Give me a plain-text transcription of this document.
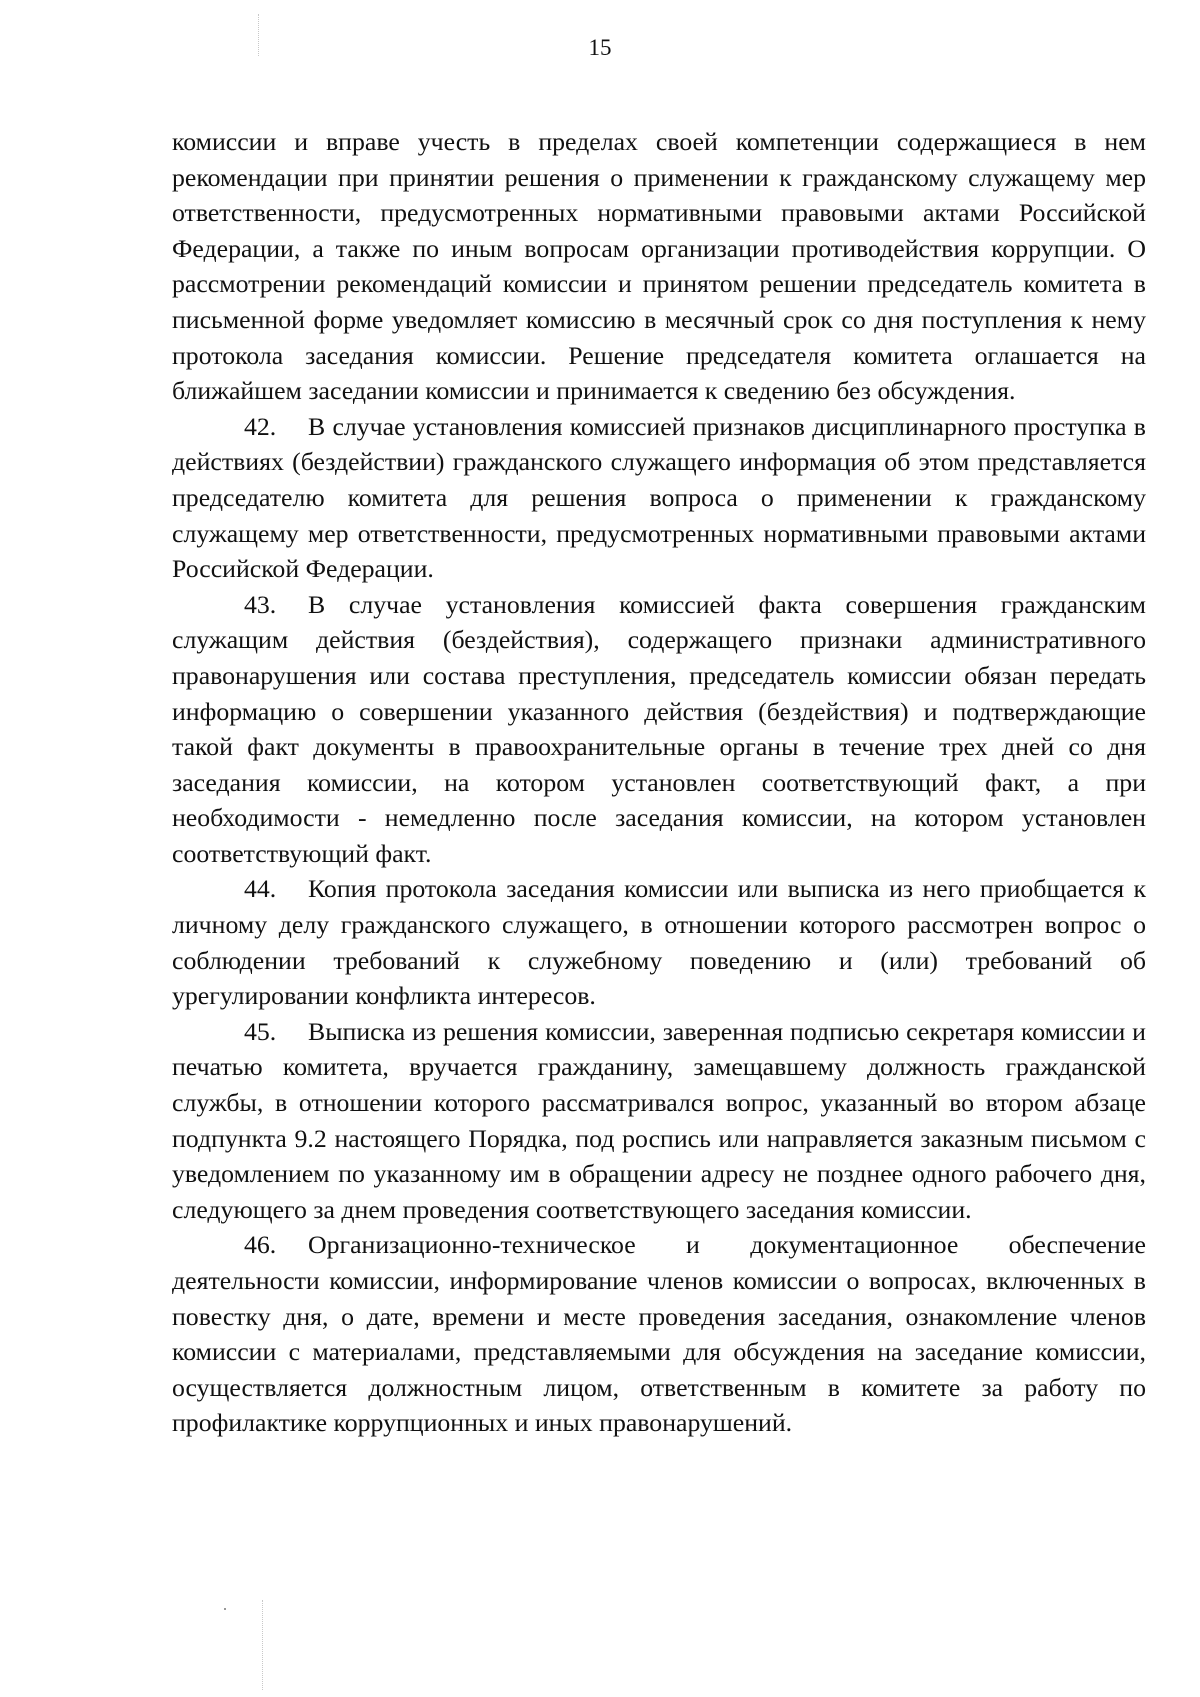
15

комиссии и вправе учесть в пределах своей компетенции содержащиеся в нем рекомендации при принятии решения о применении к гражданскому служащему мер ответственности, предусмотренных нормативными правовыми актами Российской Федерации, а также по иным вопросам организации противодействия коррупции. О рассмотрении рекомендаций комиссии и принятом решении председатель комитета в письменной форме уведомляет комиссию в месячный срок со дня поступления к нему протокола заседания комиссии. Решение председателя комитета оглашается на ближайшем заседании комиссии и принимается к сведению без обсуждения.

42. В случае установления комиссией признаков дисциплинарного проступка в действиях (бездействии) гражданского служащего информация об этом представляется председателю комитета для решения вопроса о применении к гражданскому служащему мер ответственности, предусмотренных нормативными правовыми актами Российской Федерации.

43. В случае установления комиссией факта совершения гражданским служащим действия (бездействия), содержащего признаки административного правонарушения или состава преступления, председатель комиссии обязан передать информацию о совершении указанного действия (бездействия) и подтверждающие такой факт документы в правоохранительные органы в течение трех дней со дня заседания комиссии, на котором установлен соответствующий факт, а при необходимости - немедленно после заседания комиссии, на котором установлен соответствующий факт.

44. Копия протокола заседания комиссии или выписка из него приобщается к личному делу гражданского служащего, в отношении которого рассмотрен вопрос о соблюдении требований к служебному поведению и (или) требований об урегулировании конфликта интересов.

45. Выписка из решения комиссии, заверенная подписью секретаря комиссии и печатью комитета, вручается гражданину, замещавшему должность гражданской службы, в отношении которого рассматривался вопрос, указанный во втором абзаце подпункта 9.2 настоящего Порядка, под роспись или направляется заказным письмом с уведомлением по указанному им в обращении адресу не позднее одного рабочего дня, следующего за днем проведения соответствующего заседания комиссии.

46. Организационно-техническое и документационное обеспечение деятельности комиссии, информирование членов комиссии о вопросах, включенных в повестку дня, о дате, времени и месте проведения заседания, ознакомление членов комиссии с материалами, представляемыми для обсуждения на заседание комиссии, осуществляется должностным лицом, ответственным в комитете за работу по профилактике коррупционных и иных правонарушений.
